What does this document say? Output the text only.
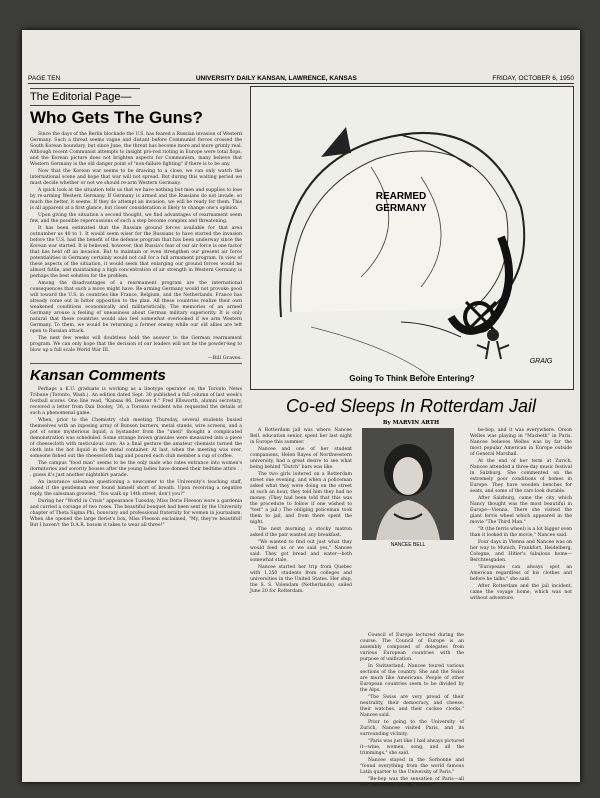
PAGE TEN	UNIVERSITY DAILY KANSAN, LAWRENCE, KANSAS	FRIDAY, OCTOBER 6, 1950
The Editorial Page—
Who Gets The Guns?

Since the days of the Berlin blockade the U.S. has feared a Russian invasion of Western Germany. Such a threat seems vague and distant before Communist forces crossed the South Korean boundary, but since June, the threat has become more and more grimly real. Although recent Communist attempts to insight pro-red rioting in Europe were total flops, and the Korean picture does not brighten aspects for Communism, many believe that Western Germany is the old danger point of "non-failure fighting" if there is to be any.

Now that the Korean war seems to be drawing to a close, we can only watch the international scene and hope that war will not spread. But during this waiting period we must decide whether or not we should re-arm Western Germany.

A quick look at the situation tells us that we have nothing but men and supplies to lose by re-arming Western Germany. If Germany is armed and the Russians do not invade, so much the better, it seems. If they do attempt an invasion, we will be ready for them. This is all apparent at a first glance, but closer consideration is likely to change one's opinion.

Upon giving the situation a second thought, we find advantages of rearmament seem few, and the possible repercussions of such a step become complex and threatening.

It has been estimated that the Russian ground forces available for that area outnumber us 40 to 1. It would seem wiser for the Russians to have started the invasion before the U.S. had the benefit of the defense program that has been underway since the Korean war started. It is believed, however, that Russia's fear of our air force is one factor that has held off an invasion. But to maintain or even strengthen our present air force potentialities in Germany certainly would not call for a full armament program. In view of these aspects of the situation, it would seem that enlarging our ground forces would be almost futile, and maintaining a high concentration of air strength in Western Germany is perhaps the best solution for the problem.

Among the disadvantages of a rearmament program are the international consequences that such a move might have. Re-arming Germany would not provoke good will toward the U.S. in countries like France, Belgium, and the Netherlands. France has already come out in bitter opposition to the plan. All these countries realize their own weakened conditions economically and militaristically. The memories of an armed Germany arouse a feeling of uneasiness about German military superiority. It is only natural that these countries would also feel somewhat overlooked if we arm Western Germany. To them, we would be returning a former enemy while our old allies are left open to Russian attack.

The next few weeks will doubtless hold the answer to the German rearmament program. We can only hope that the decision of our leaders will not be the powder-keg to blow up a full scale World War III.

—Bill Graves.
Kansan Comments

Perhaps a K.U. graduate is working as a linotype operator on the Toronto News Tribune (Toronto, Wash.). An edition dated Sept. 30 published a full column of last week's football scores. One line read, "Kansas 86, Denver 8." Fred Ellsworth, alumni secretary, received a letter from Dan Dooley, '36, a Toronto resident who requested the details of such a phenomenal game.

When, prior to the Chemistry club meeting Thursday, several students busied themselves with an inposing array of Bunsen burners, metal stands, wire screens, and a pot of some mysterious liquid, a bystander from the "uneli" thought a complicated demonstration was scheduled. Some strange brown granules were measured into a piece of cheesecloth with meticulous care. As a final gesture the amateur chemists turned the cloth into the hot liquid in the metal container. At last, when the meeting was over, someone fished out the cheesecloth bag and poured each club member a cup of coffee.

The campus "food man" seems to be the only male who rates entrance into women's dormitories and sorority houses after the young ladies have donned their bedtime attire . . . guess it's just another nightshirt parade.

An insurance salesman questioning a newcomer to the University's teaching staff, asked if the gentleman ever found himself short of breath. Upon receiving a negative reply, the salesman growled, "You walk up 14th street, don't you?"

During her "World in Crisis" appearance Tuesday, Miss Doris Fleeson wore a gardenia and carried a corsage of two roses. The beautiful bouquet had been sent by the University chapter of Theta Sigma Phi, honorary and professional fraternity for women in journalism. When she opened the large florist's box, Miss Fleeson exclaimed, "My, they're beautiful! But I haven't the D.A.R. bosom it takes to wear all three!"

REARMED
GERMANY
GRAIG
Going To Think Before Entering?
Co-ed Sleeps In Rotterdam Jail
By MARVIN ARTH

A Rotterdam jail was where Nancee Bell, education senior, spent her last night in Europe this summer.

Nancee and one of her student companions, Helen Rayes of Northwestern university, had a great desire to see what being behind "Dutch" bars was like.

The two girls loitered on a Rotterdam street one evening, and when a policeman asked what they were doing on the street at such an hour, they told him they had no money. (They had been told that this was the procedure to follow if one wished to "test" a jail.) The obliging policeman took them to jail, and from there spent the night.

The next morning a stocky matron asked if the pair wanted any breakfast.

"We wanted to find out just what they would feed us or we said yes," Nancee said. They got bread and water—both somewhat stale.

Nancee started her trip from Quebec with 1,350 students from colleges and universities in the United States. Her ship, the S. S. Volendam (Netherlands), sailed June 20 for Rotterdam.

Council of Europe lectured during the course. The Council of Europe is an assembly composed of delegates from various European countries with the purpose of unification.

In Switzerland, Nancee toured various sections of the country. She and the Swiss are much like Americans. People of other European countries seem to be divided by the Alps.

"The Swiss are very proud of their neutrality, their democracy, and cheese, their watches, and their cuckoo clocks," Nancee said.

Prior to going to the University of Zurich, Nancee visited Paris, and its surrounding vicinity.

"Paris was just like I had always pictured it—wine, women, song, and all the trimmings," she said.

Nancee stayed in the Sorbonne and "found everything from the world famous Latin quarter to the University of Paris."

"Be-bop was the sensation of Paris—all the Parisiennes wanted be-bop."

be-bop, and it was everywhere. Orson Welles was playing in "Macbeth" in Paris. Nancee believes Welles was by far the most popular American in Europe outside of General Marshall.

At the end of her term at Zurich, Nancee attended a three-day music festival in Salzburg. She commented on the extremely poor conditions of homes in Europe. They have wooden benches for seats, and some of the cars look durable.

After Salzburg, came the city which Nancy thought was the most beautiful in Europe—Vienna. There she visited the giant ferris wheel which appeared in the movie "The Third Man."

"It (the ferris wheel) is a lot bigger even than it looked in the movie," Nancee said.

Four days in Vienna and Nancee was on her way to Munich, Frankfurt, Heidelberg, Cologne, and Hitler's fabulous home—Berchtesgaden.

"Europeans can always spot an American regardless of his clothes and before he talks," she said.

After Rotterdam and the jail incident, came the voyage home, which was not without adventure.

NANCEE BELL
